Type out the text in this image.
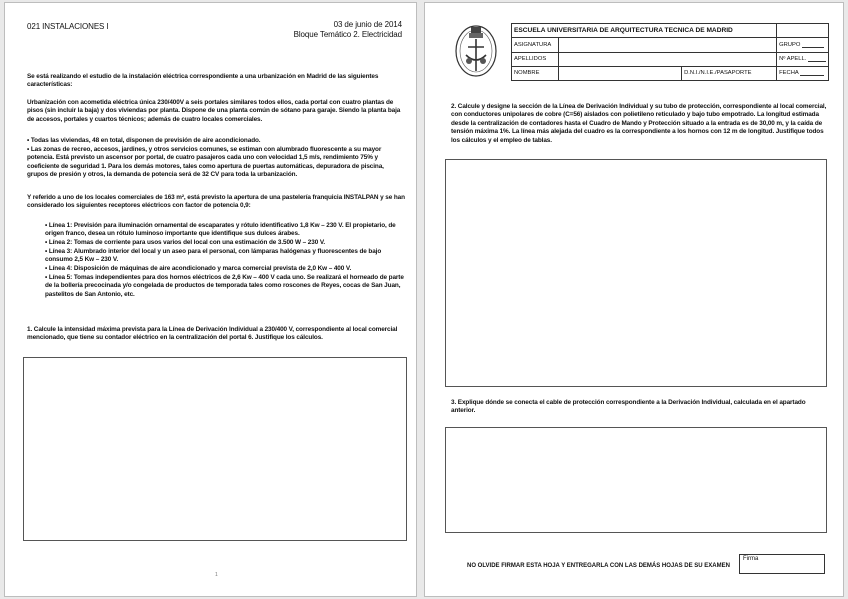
021 INSTALACIONES I	03 de junio de 2014
Bloque Temático 2. Electricidad
Se está realizando el estudio de la instalación eléctrica correspondiente a una urbanización en Madrid de las siguientes características:
Urbanización con acometida eléctrica única 230/400V a seis portales similares todos ellos, cada portal con cuatro plantas de pisos (sin incluir la baja) y dos viviendas por planta. Dispone de una planta común de sótano para garaje. Siendo la planta baja de accesos, portales y cuartos técnicos; además de cuatro locales comerciales.
• Todas las viviendas, 48 en total, disponen de previsión de aire acondicionado.
• Las zonas de recreo, accesos, jardines, y otros servicios comunes, se estiman con alumbrado fluorescente a su mayor potencia. Está previsto un ascensor por portal, de cuatro pasajeros cada uno con velocidad 1,5 m/s, rendimiento 75% y coeficiente de seguridad 1. Para los demás motores, tales como apertura de puertas automáticas, depuradora de piscina, grupos de presión y otros, la demanda de potencia será de 32 CV para toda la urbanización.
Y referido a uno de los locales comerciales de 163 m², está previsto la apertura de una pastelería franquicia INSTALPAN y se han considerado los siguientes receptores eléctricos con factor de potencia 0,9:
• Línea 1: Previsión para iluminación ornamental de escaparates y rótulo identificativo 1,8 Kw – 230 V. El propietario, de origen franco, desea un rótulo luminoso importante que identifique sus dulces árabes.
• Línea 2: Tomas de corriente para usos varios del local con una estimación de 3.500 W – 230 V.
• Línea 3: Alumbrado interior del local y un aseo para el personal, con lámparas halógenas y fluorescentes de bajo consumo 2,5 Kw – 230 V.
• Línea 4: Disposición de máquinas de aire acondicionado y marca comercial prevista de 2,0 Kw – 400 V.
• Línea 5: Tomas independientes para dos hornos eléctricos de 2,6 Kw – 400 V cada uno. Se realizará el horneado de parte de la bollería precocinada y/o congelada de productos de temporada tales como roscones de Reyes, cocas de San Juan, pastelitos de San Antonio, etc.
1. Calcule la intensidad máxima prevista para la Línea de Derivación Individual a 230/400 V, correspondiente al local comercial mencionado, que tiene su contador eléctrico en la centralización del portal 6. Justifique los cálculos.
1
ESCUELA UNIVERSITARIA DE ARQUITECTURA TECNICA DE MADRID			
ASIGNATURA			GRUPO
APELLIDOS			Nº APELL.
NOMBRE		D.N.I./N.I.E./PASAPORTE	FECHA
2. Calcule y designe la sección de la Línea de Derivación Individual y su tubo de protección, correspondiente al local comercial, con conductores unipolares de cobre (C=56) aislados con polietileno reticulado y bajo tubo empotrado. La longitud estimada desde la centralización de contadores hasta el Cuadro de Mando y Protección situado a la entrada es de 30,00 m, y la caída de tensión máxima 1%. La línea más alejada del cuadro es la correspondiente a los hornos con 12 m de longitud. Justifique todos los cálculos y el empleo de tablas.
3. Explique dónde se conecta el cable de protección correspondiente a la Derivación Individual, calculada en el apartado anterior.
NO OLVIDE FIRMAR ESTA HOJA Y ENTREGARLA CON LAS DEMÁS HOJAS DE SU EXAMEN
Firma
